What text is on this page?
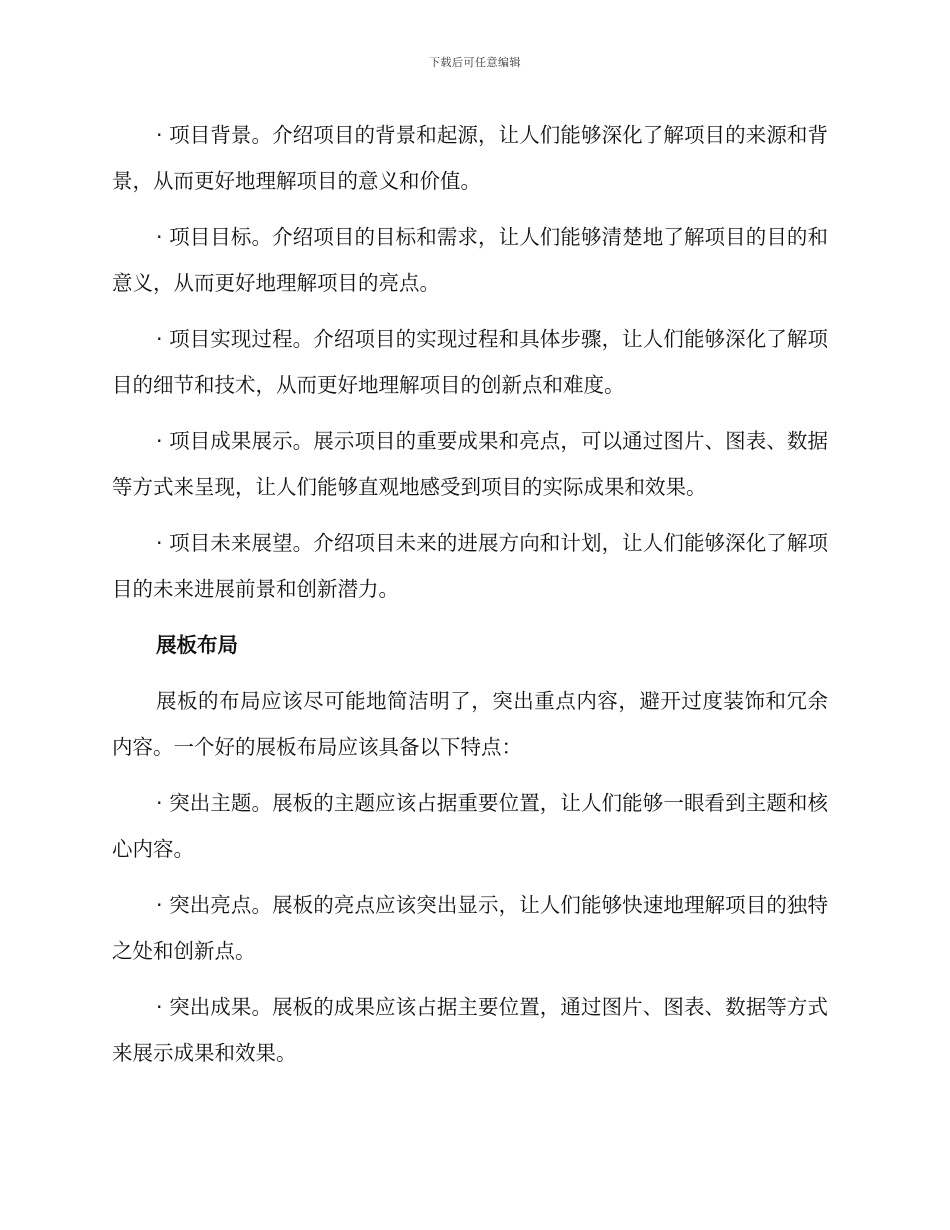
下载后可任意编辑

· 项目背景。介绍项目的背景和起源，让人们能够深化了解项目的来源和背景，从而更好地理解项目的意义和价值。

· 项目目标。介绍项目的目标和需求，让人们能够清楚地了解项目的目的和意义，从而更好地理解项目的亮点。

· 项目实现过程。介绍项目的实现过程和具体步骤，让人们能够深化了解项目的细节和技术，从而更好地理解项目的创新点和难度。

· 项目成果展示。展示项目的重要成果和亮点，可以通过图片、图表、数据等方式来呈现，让人们能够直观地感受到项目的实际成果和效果。

· 项目未来展望。介绍项目未来的进展方向和计划，让人们能够深化了解项目的未来进展前景和创新潜力。

展板布局

展板的布局应该尽可能地简洁明了，突出重点内容，避开过度装饰和冗余内容。一个好的展板布局应该具备以下特点：

· 突出主题。展板的主题应该占据重要位置，让人们能够一眼看到主题和核心内容。

· 突出亮点。展板的亮点应该突出显示，让人们能够快速地理解项目的独特之处和创新点。

· 突出成果。展板的成果应该占据主要位置，通过图片、图表、数据等方式来展示成果和效果。
